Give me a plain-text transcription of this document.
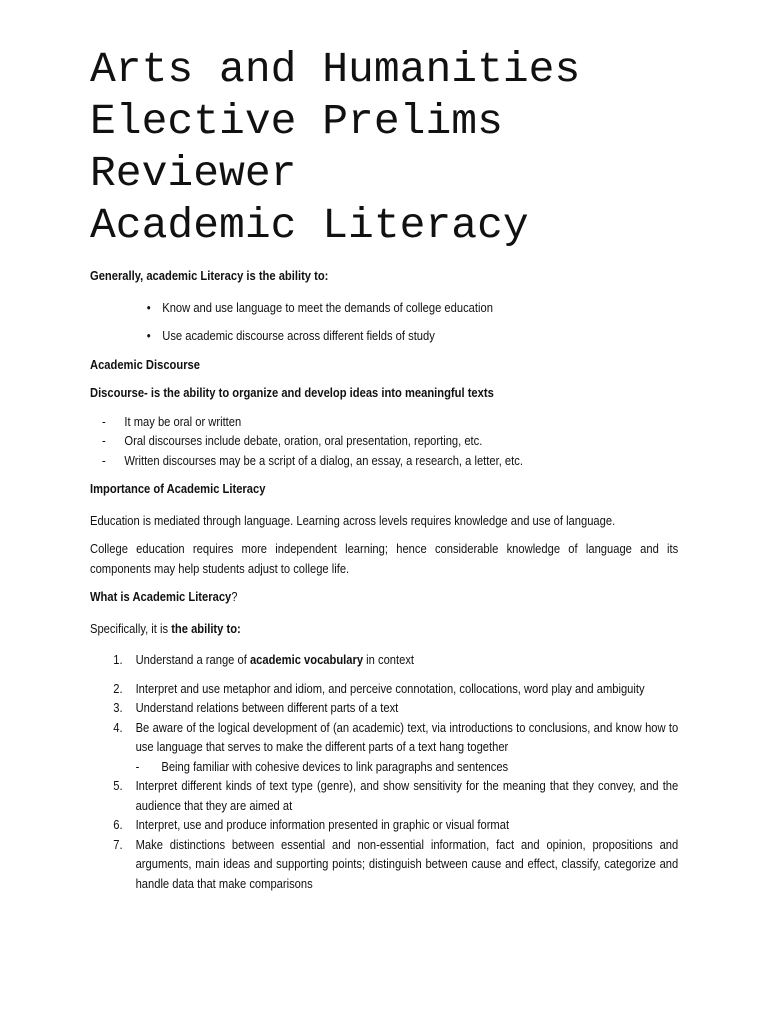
Arts and Humanities
Elective Prelims
Reviewer
Academic Literacy

Generally, academic Literacy is the ability to:

• Know and use language to meet the demands of college education
• Use academic discourse across different fields of study

Academic Discourse

Discourse- is the ability to organize and develop ideas into meaningful texts

- It may be oral or written
- Oral discourses include debate, oration, oral presentation, reporting, etc.
- Written discourses may be a script of a dialog, an essay, a research, a letter, etc.

Importance of Academic Literacy

Education is mediated through language. Learning across levels requires knowledge and use of language.

College education requires more independent learning; hence considerable knowledge of language and its components may help students adjust to college life.

What is Academic Literacy?

Specifically, it is the ability to:

1. Understand a range of academic vocabulary in context
2. Interpret and use metaphor and idiom, and perceive connotation, collocations, word play and ambiguity
3. Understand relations between different parts of a text
4. Be aware of the logical development of (an academic) text, via introductions to conclusions, and know how to use language that serves to make the different parts of a text hang together
- Being familiar with cohesive devices to link paragraphs and sentences
5. Interpret different kinds of text type (genre), and show sensitivity for the meaning that they convey, and the audience that they are aimed at
6. Interpret, use and produce information presented in graphic or visual format
7. Make distinctions between essential and non-essential information, fact and opinion, propositions and arguments, main ideas and supporting points; distinguish between cause and effect, classify, categorize and handle data that make comparisons
